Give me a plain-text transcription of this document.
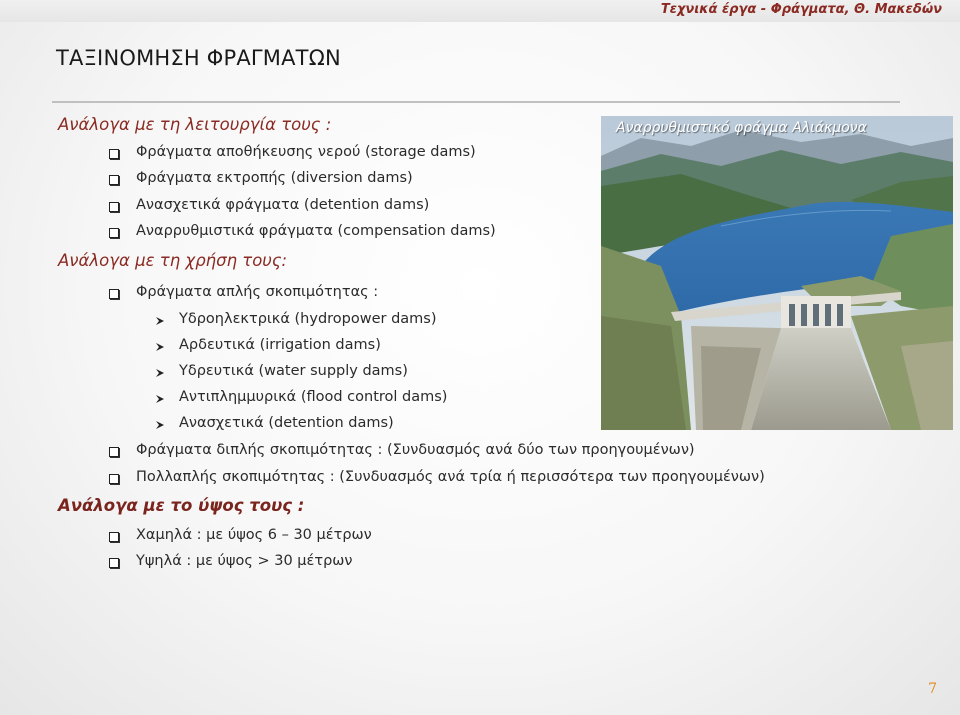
Τεχνικά έργα - Φράγματα, Θ. Μακεδών
ΤΑΞΙΝΟΜΗΣΗ ΦΡΑΓΜΑΤΩΝ
Ανάλογα με τη λειτουργία τους :
Φράγματα αποθήκευσης νερού (storage dams)
Φράγματα εκτροπής (diversion dams)
Ανασχετικά φράγματα (detention dams)
Αναρρυθμιστικά φράγματα (compensation dams)
Ανάλογα με τη χρήση τους:
Φράγματα απλής σκοπιμότητας :
Υδροηλεκτρικά (hydropower dams)
Αρδευτικά (irrigation dams)
Υδρευτικά (water supply dams)
Αντιπλημμυρικά (flood control dams)
Ανασχετικά (detention dams)
Φράγματα διπλής σκοπιμότητας : (Συνδυασμός ανά δύο των προηγουμένων)
Πολλαπλής σκοπιμότητας : (Συνδυασμός ανά τρία ή περισσότερα των προηγουμένων)
Ανάλογα με το ύψος τους :
Χαμηλά : με ύψος 6 – 30 μέτρων
Υψηλά : με ύψος > 30 μέτρων
Αναρρυθμιστικό φράγμα Αλιάκμονα
7
